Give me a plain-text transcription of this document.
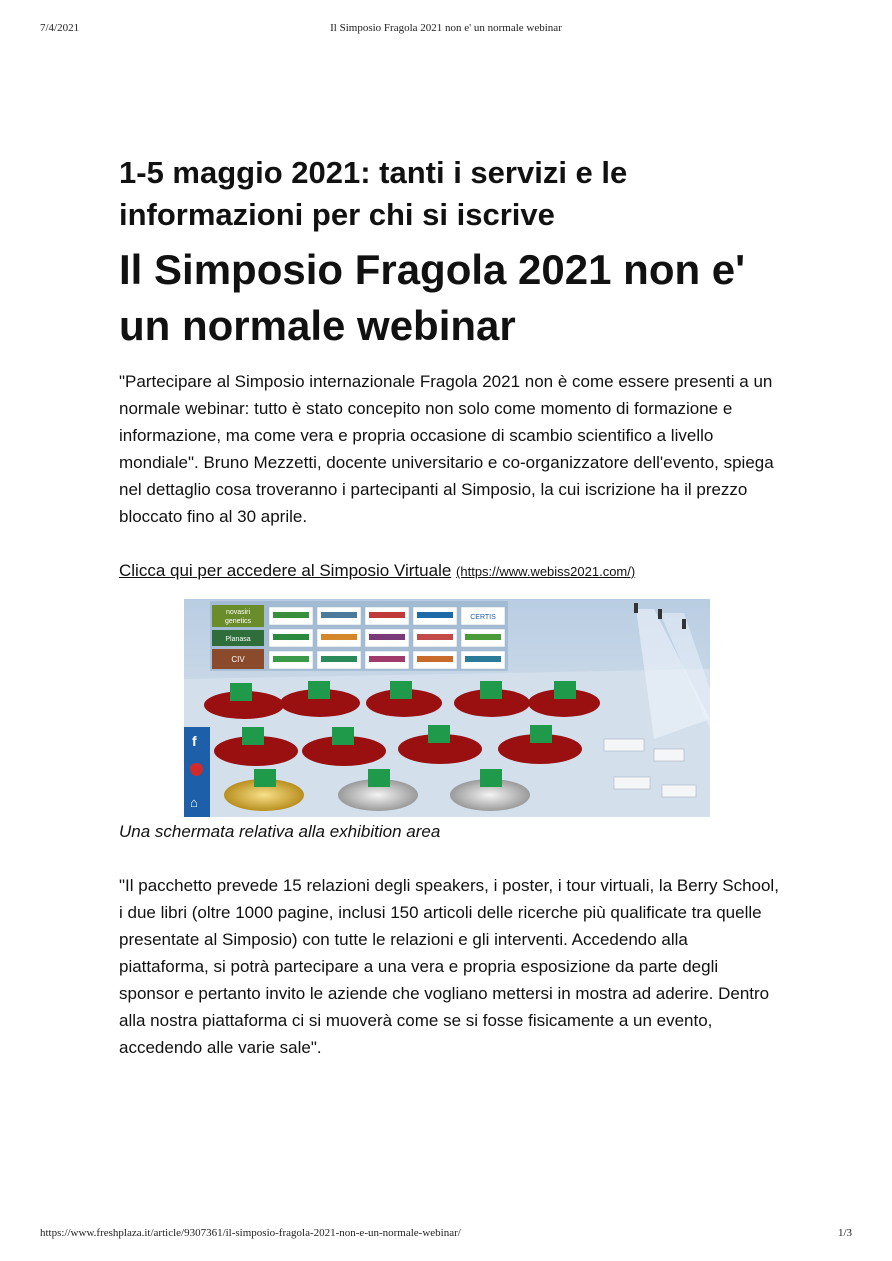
7/4/2021	Il Simposio Fragola 2021 non e' un normale webinar
1-5 maggio 2021: tanti i servizi e le informazioni per chi si iscrive
Il Simposio Fragola 2021 non e' un normale webinar

"Partecipare al Simposio internazionale Fragola 2021 non è come essere presenti a un normale webinar: tutto è stato concepito non solo come momento di formazione e informazione, ma come vera e propria occasione di scambio scientifico a livello mondiale". Bruno Mezzetti, docente universitario e co-organizzatore dell'evento, spiega nel dettaglio cosa troveranno i partecipanti al Simposio, la cui iscrizione ha il prezzo bloccato fino al 30 aprile.

Clicca qui per accedere al Simposio Virtuale (https://www.webiss2021.com/)

novasiri
genetics
Planasa
CIV
CERTIS
f
⌂

Una schermata relativa alla exhibition area

"Il pacchetto prevede 15 relazioni degli speakers, i poster, i tour virtuali, la Berry School, i due libri (oltre 1000 pagine, inclusi 150 articoli delle ricerche più qualificate tra quelle presentate al Simposio) con tutte le relazioni e gli interventi. Accedendo alla piattaforma, si potrà partecipare a una vera e propria esposizione da parte degli sponsor e pertanto invito le aziende che vogliano mettersi in mostra ad aderire. Dentro alla nostra piattaforma ci si muoverà come se si fosse fisicamente a un evento, accedendo alle varie sale".

https://www.freshplaza.it/article/9307361/il-simposio-fragola-2021-non-e-un-normale-webinar/	1/3
